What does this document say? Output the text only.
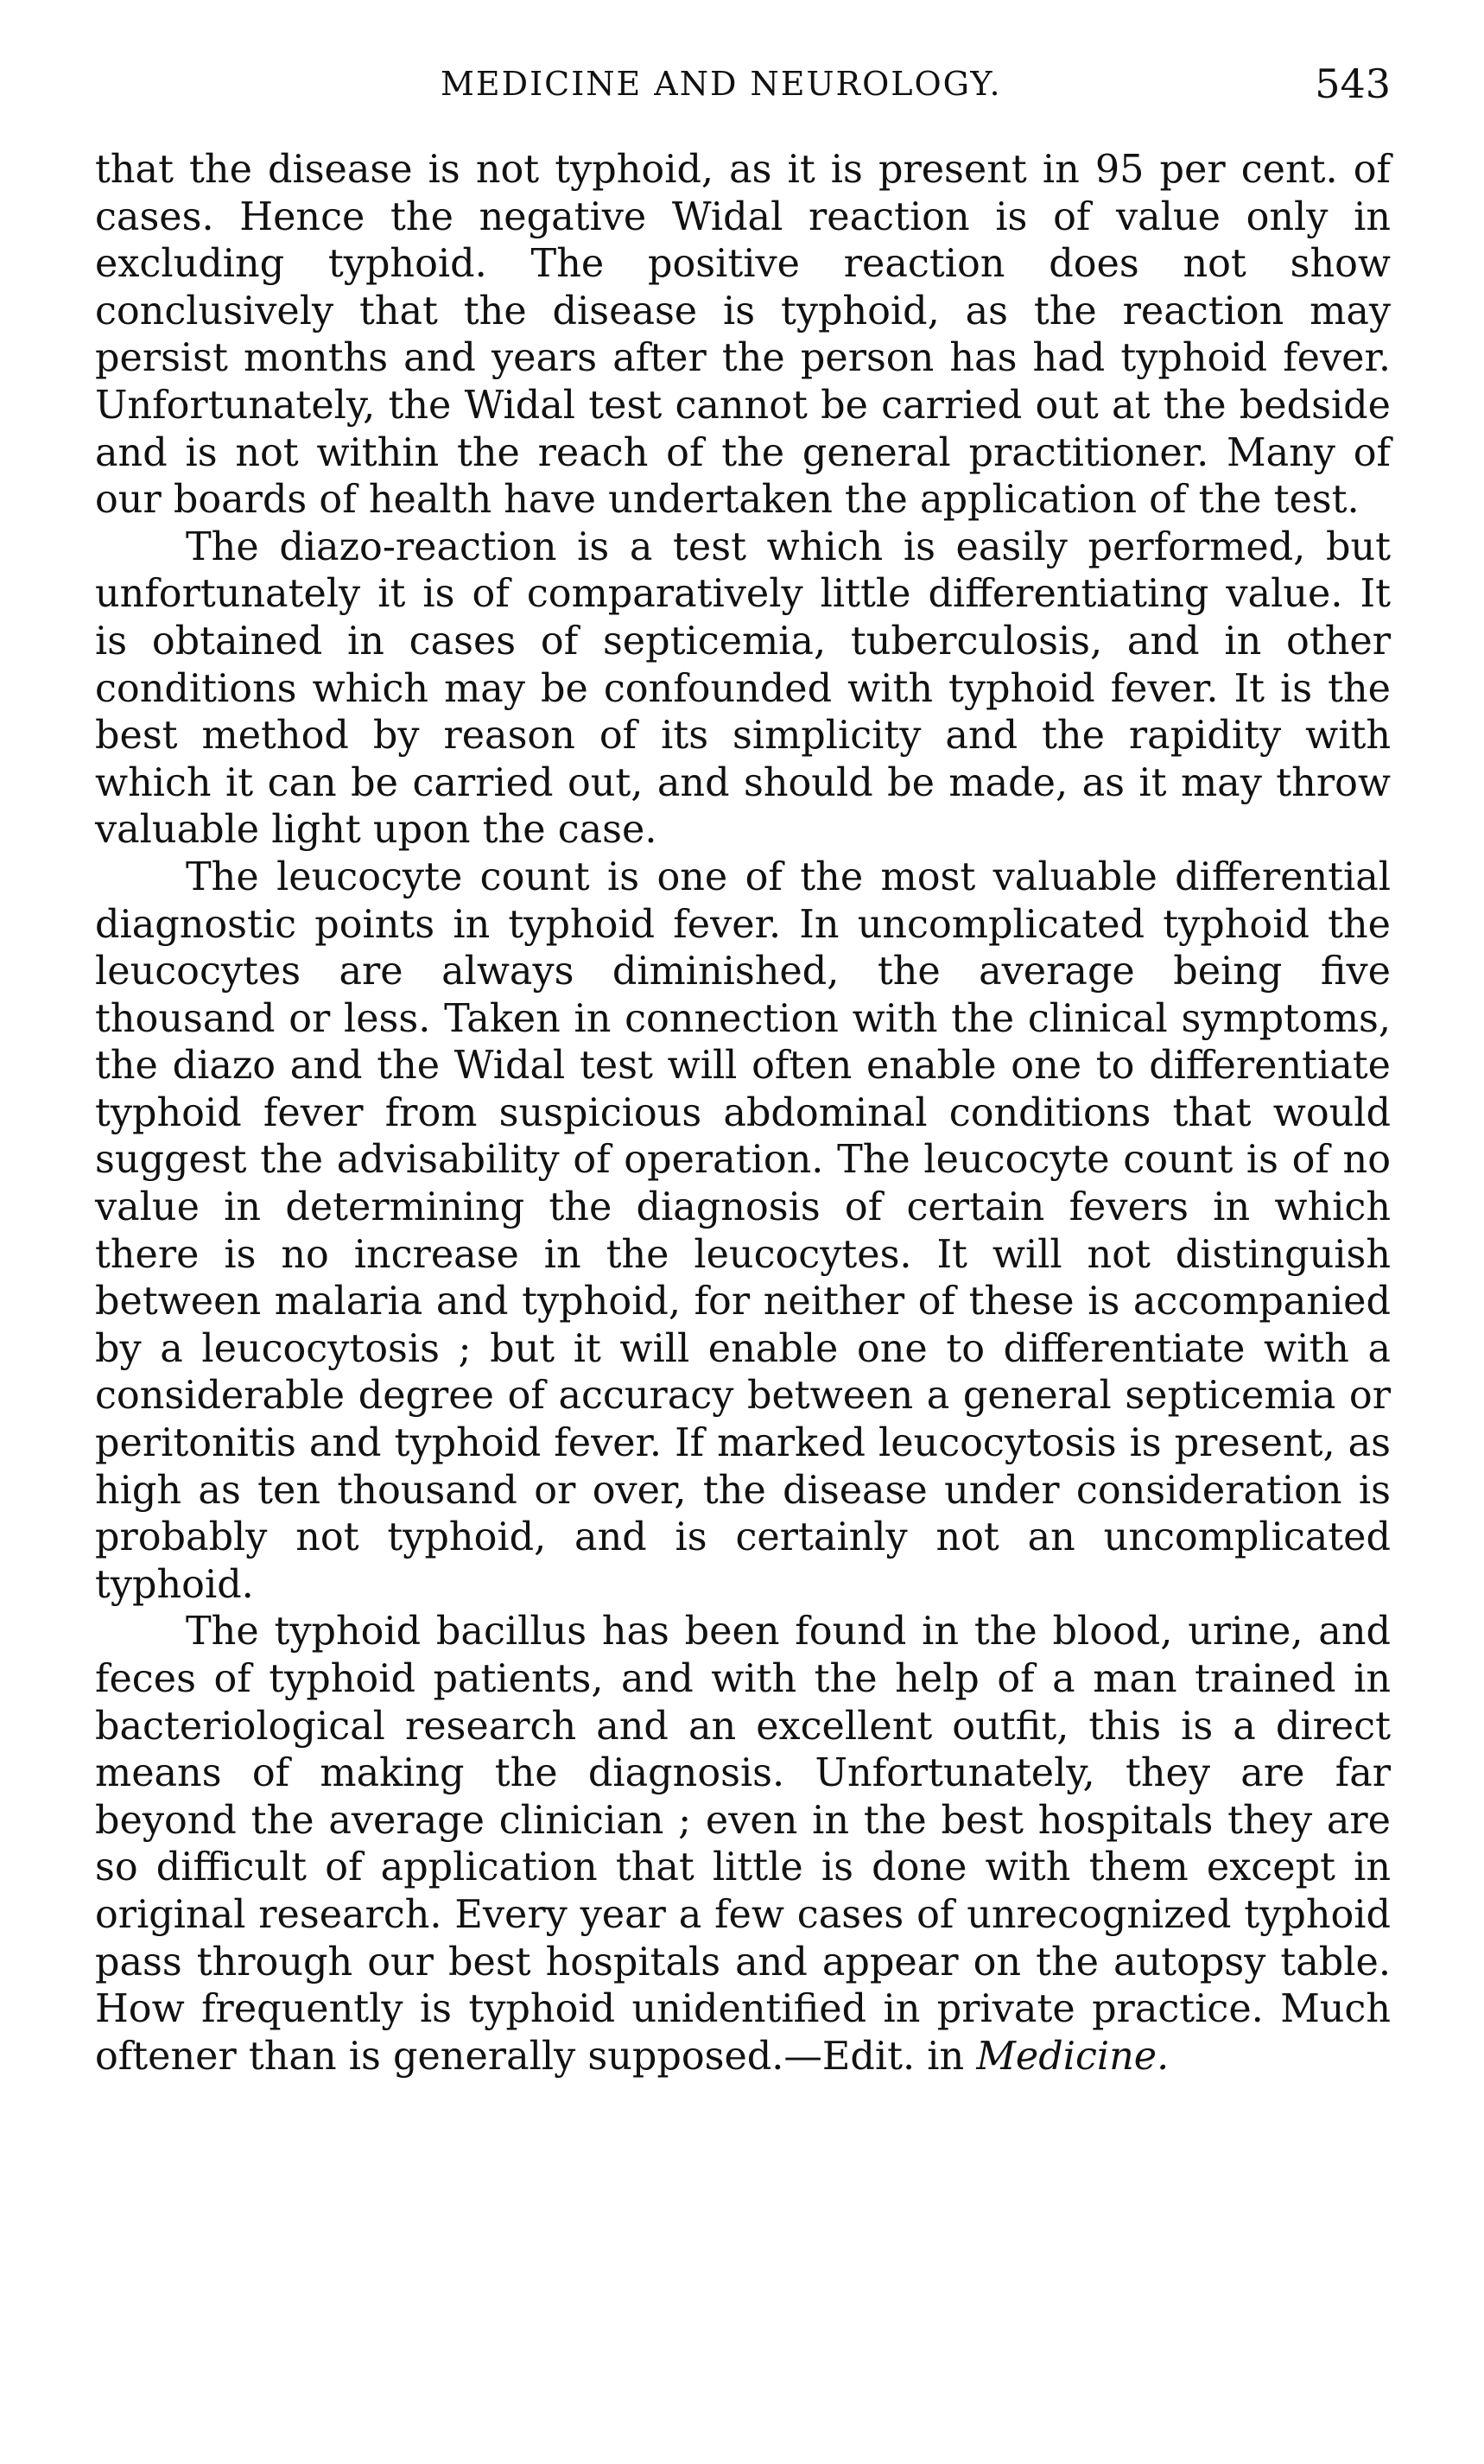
MEDICINE AND NEUROLOGY.	543

that the disease is not typhoid, as it is present in 95 per cent. of cases. Hence the negative Widal reaction is of value only in excluding typhoid. The positive reaction does not show conclusively that the disease is typhoid, as the reaction may persist months and years after the person has had typhoid fever. Unfortunately, the Widal test cannot be carried out at the bedside and is not within the reach of the general practitioner. Many of our boards of health have undertaken the application of the test.

The diazo-reaction is a test which is easily performed, but unfortunately it is of comparatively little differentiating value. It is obtained in cases of septicemia, tuberculosis, and in other conditions which may be confounded with typhoid fever. It is the best method by reason of its simplicity and the rapidity with which it can be carried out, and should be made, as it may throw valuable light upon the case.

The leucocyte count is one of the most valuable differential diagnostic points in typhoid fever. In uncomplicated typhoid the leucocytes are always diminished, the average being five thousand or less. Taken in connection with the clinical symptoms, the diazo and the Widal test will often enable one to differentiate typhoid fever from suspicious abdominal conditions that would suggest the advisability of operation. The leucocyte count is of no value in determining the diagnosis of certain fevers in which there is no increase in the leucocytes. It will not distinguish between malaria and typhoid, for neither of these is accompanied by a leucocytosis ; but it will enable one to differentiate with a considerable degree of accuracy between a general septicemia or peritonitis and typhoid fever. If marked leucocytosis is present, as high as ten thousand or over, the disease under consideration is probably not typhoid, and is certainly not an uncomplicated typhoid.

The typhoid bacillus has been found in the blood, urine, and feces of typhoid patients, and with the help of a man trained in bacteriological research and an excellent outfit, this is a direct means of making the diagnosis. Unfortunately, they are far beyond the average clinician ; even in the best hospitals they are so difficult of application that little is done with them except in original research. Every year a few cases of unrecognized typhoid pass through our best hospitals and appear on the autopsy table. How frequently is typhoid unidentified in private practice. Much oftener than is generally supposed.—Edit. in Medicine.
